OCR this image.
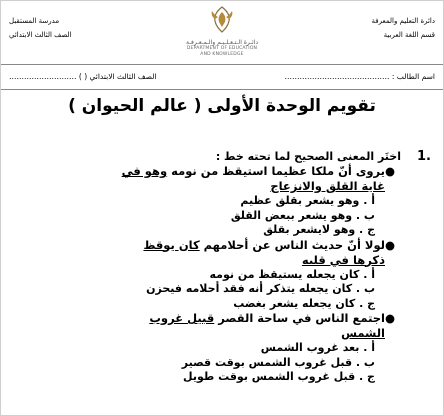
دائرة التعليم والمعرفة
قسم اللغة العربية
مدرسة المستقبل
الصف الثالث الابتدائي
دائـرة الـتـعـلـيـم والـمـعـرفـة
DEPARTMENT OF EDUCATION
AND KNOWLEDGE
اسم الطالب : ……………………………………
الصف الثالث الابتدائي ( ) ………………………
تقويم الوحدة الأولى ( عالم الحيوان )
.1
اختَر المعنى الصحيح لما تحته خط :
●
يروى أنّ ملكا عظيما استيقظ من نومه وهو في غاية القلق والانزعاج
أ . وهو يشعر بقلق عظيم
ب . وهو يشعر ببعض القلق
ج . وهو لايشعر بقلق
●
لولا أنّ حديث الناس عن أحلامهم كان يوقظ ذكرها في قلبه
أ . كان يجعله يستيقظ من نومه
ب . كان يجعله يتذكر أنه فقد أحلامه فيحزن
ج . كان يجعله يشعر بغضب
●
اجتمع الناس في ساحة القصر قبيل غروب الشمس
أ . بعد غروب الشمس
ب . قبل غروب الشمس بوقت قصير
ج . قبل غروب الشمس بوقت طويل
